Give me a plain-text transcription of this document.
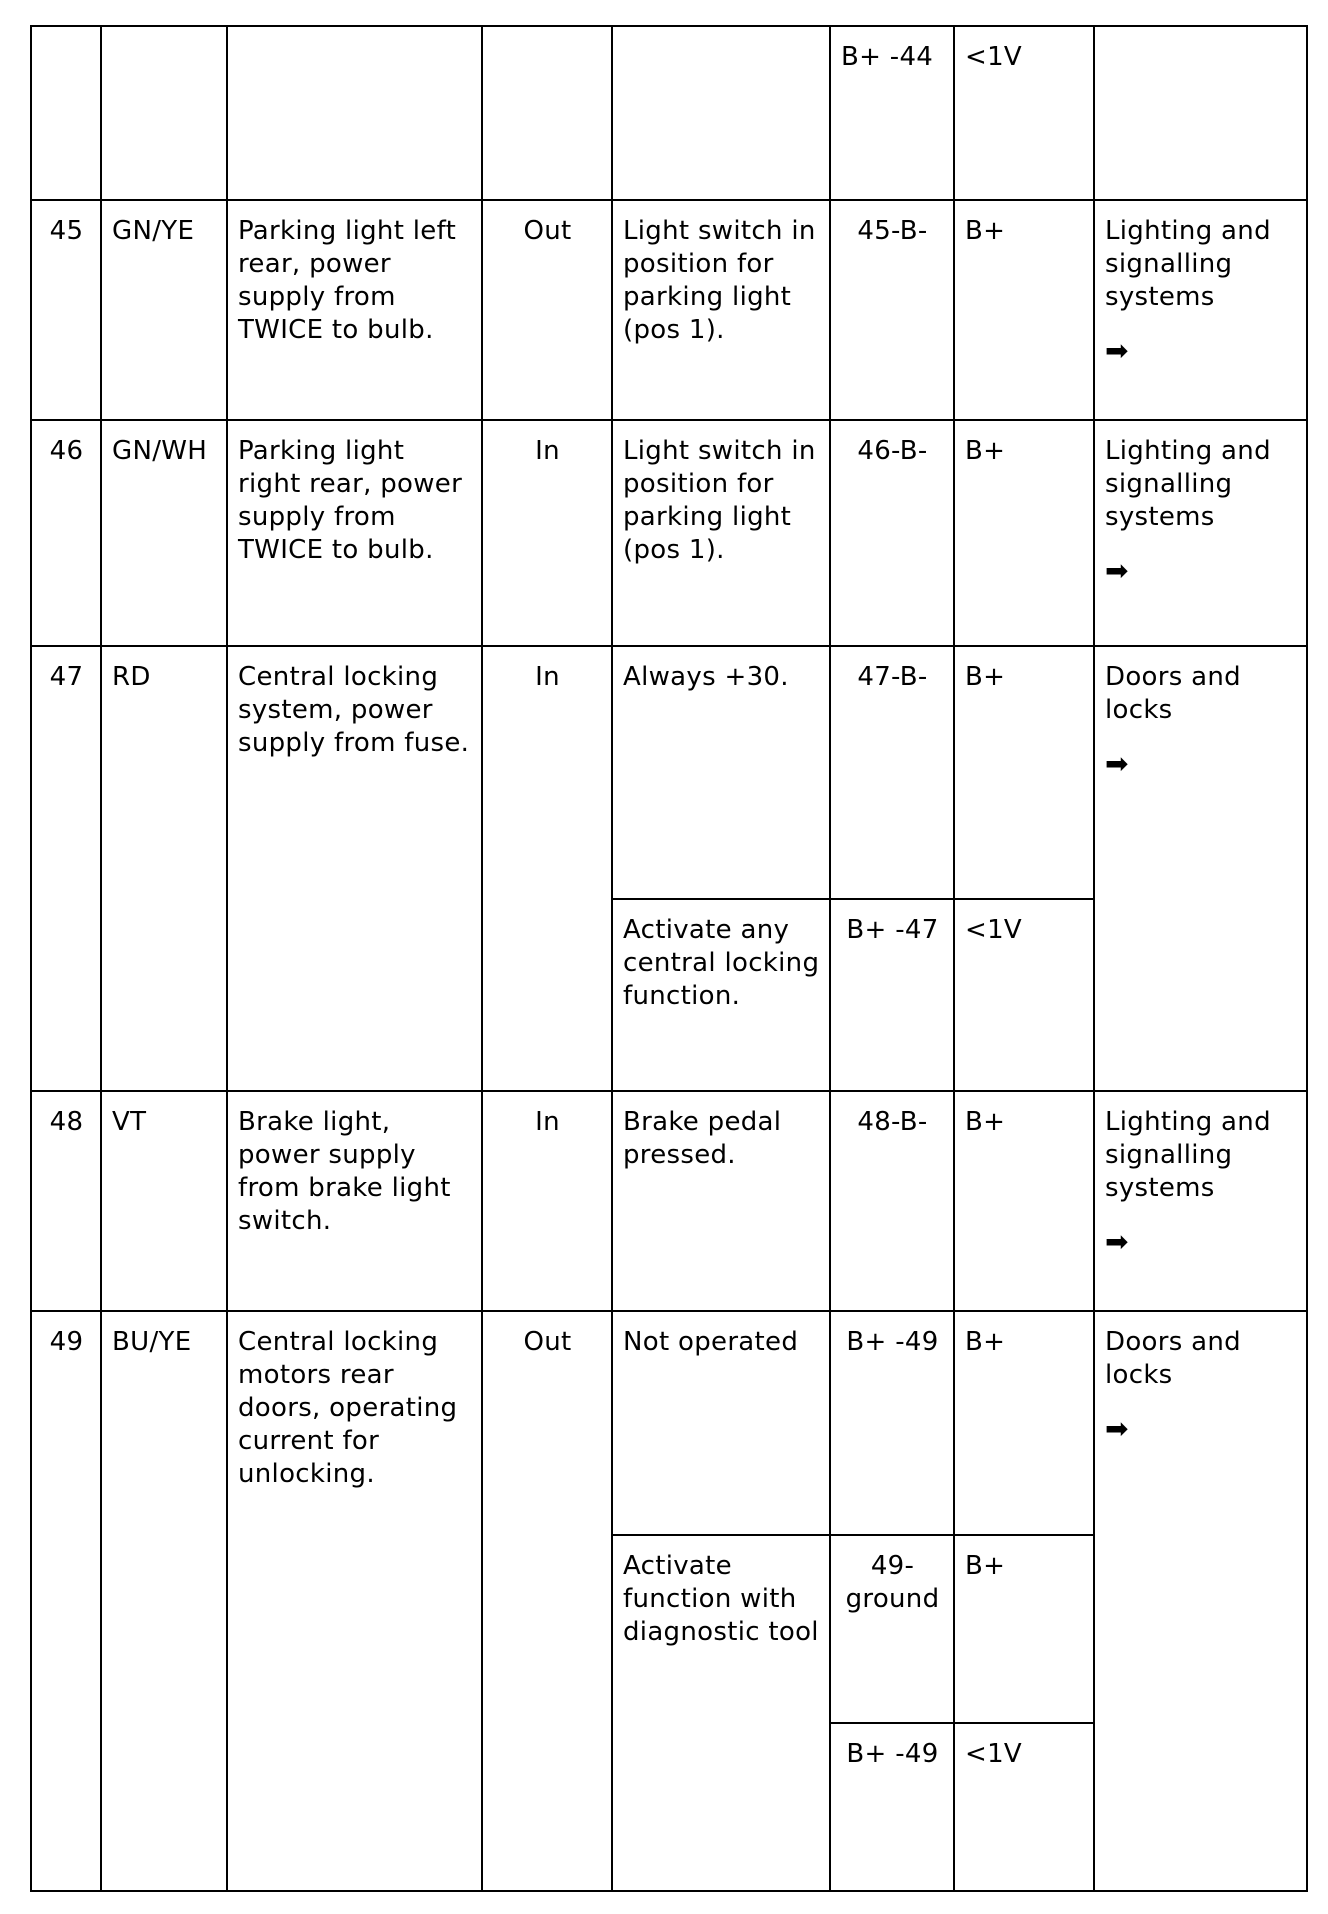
					B+ -44	<1V	
45	GN/YE	Parking light left rear, power supply from TWICE to bulb.	Out	Light switch in position for parking light (pos 1).	45-B-	B+	Lighting and signalling systems
➡

46	GN/WH	Parking light right rear, power supply from TWICE to bulb.	In	Light switch in position for parking light (pos 1).	46-B-	B+	Lighting and signalling systems
➡

47	RD	Central locking system, power supply from fuse.	In	Always +30.	47-B-	B+	Doors and locks
➡

				Activate any central locking function.	B+ -47	<1V	
48	VT	Brake light, power supply from brake light switch.	In	Brake pedal pressed.	48-B-	B+	Lighting and signalling systems
➡

49	BU/YE	Central locking motors rear doors, operating current for unlocking.	Out	Not operated	B+ -49	B+	Doors and locks
➡

				Activate function with diagnostic tool	49-ground	B+	
					B+ -49	<1V	
